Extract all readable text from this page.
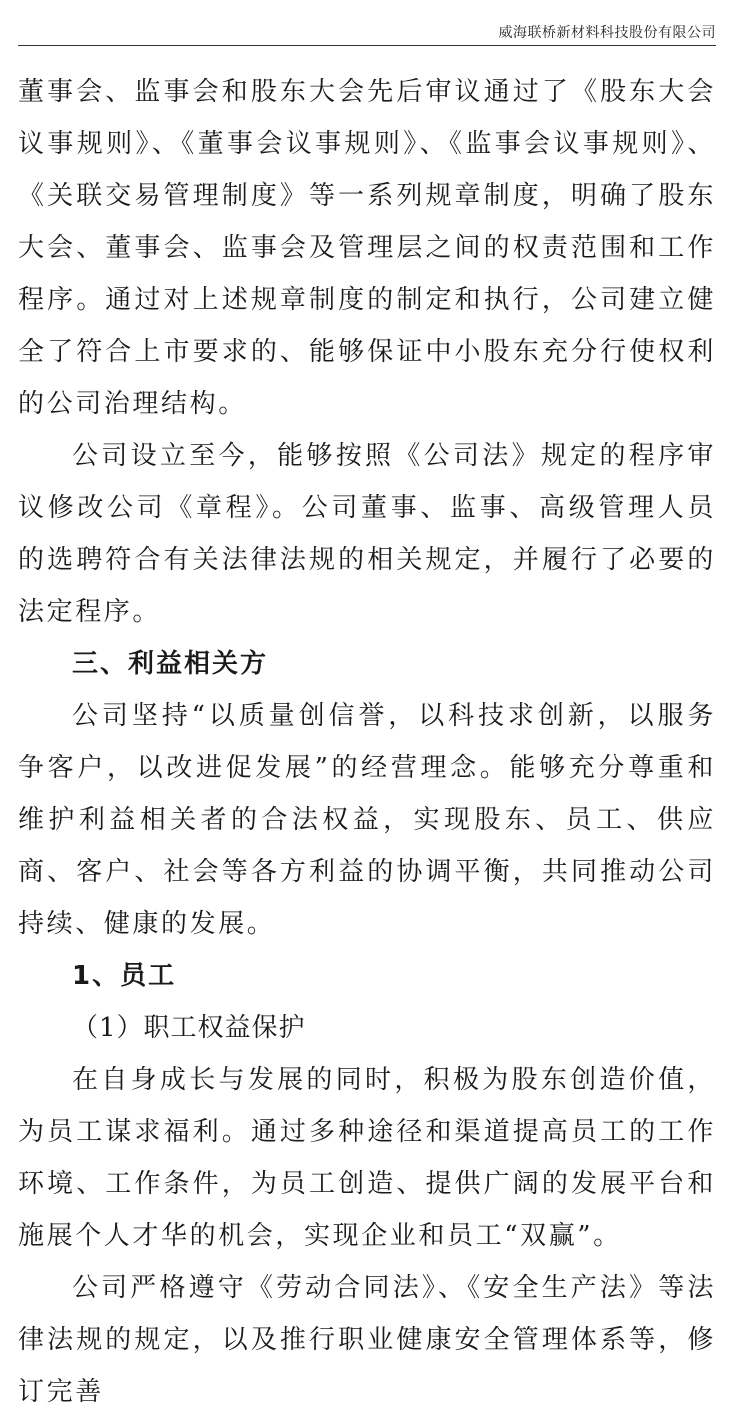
威海联桥新材料科技股份有限公司

董事会、监事会和股东大会先后审议通过了《股东大会议事规则》、《董事会议事规则》、《监事会议事规则》、《关联交易管理制度》等一系列规章制度，明确了股东大会、董事会、监事会及管理层之间的权责范围和工作程序。通过对上述规章制度的制定和执行，公司建立健全了符合上市要求的、能够保证中小股东充分行使权利的公司治理结构。

公司设立至今，能够按照《公司法》规定的程序审议修改公司《章程》。公司董事、监事、高级管理人员的选聘符合有关法律法规的相关规定，并履行了必要的法定程序。

三、利益相关方

公司坚持“以质量创信誉，以科技求创新，以服务争客户，以改进促发展”的经营理念。能够充分尊重和维护利益相关者的合法权益，实现股东、员工、供应商、客户、社会等各方利益的协调平衡，共同推动公司持续、健康的发展。

1、员工

（1）职工权益保护

在自身成长与发展的同时，积极为股东创造价值，为员工谋求福利。通过多种途径和渠道提高员工的工作环境、工作条件，为员工创造、提供广阔的发展平台和施展个人才华的机会，实现企业和员工“双赢”。

公司严格遵守《劳动合同法》、《安全生产法》等法律法规的规定，以及推行职业健康安全管理体系等，修订完善
